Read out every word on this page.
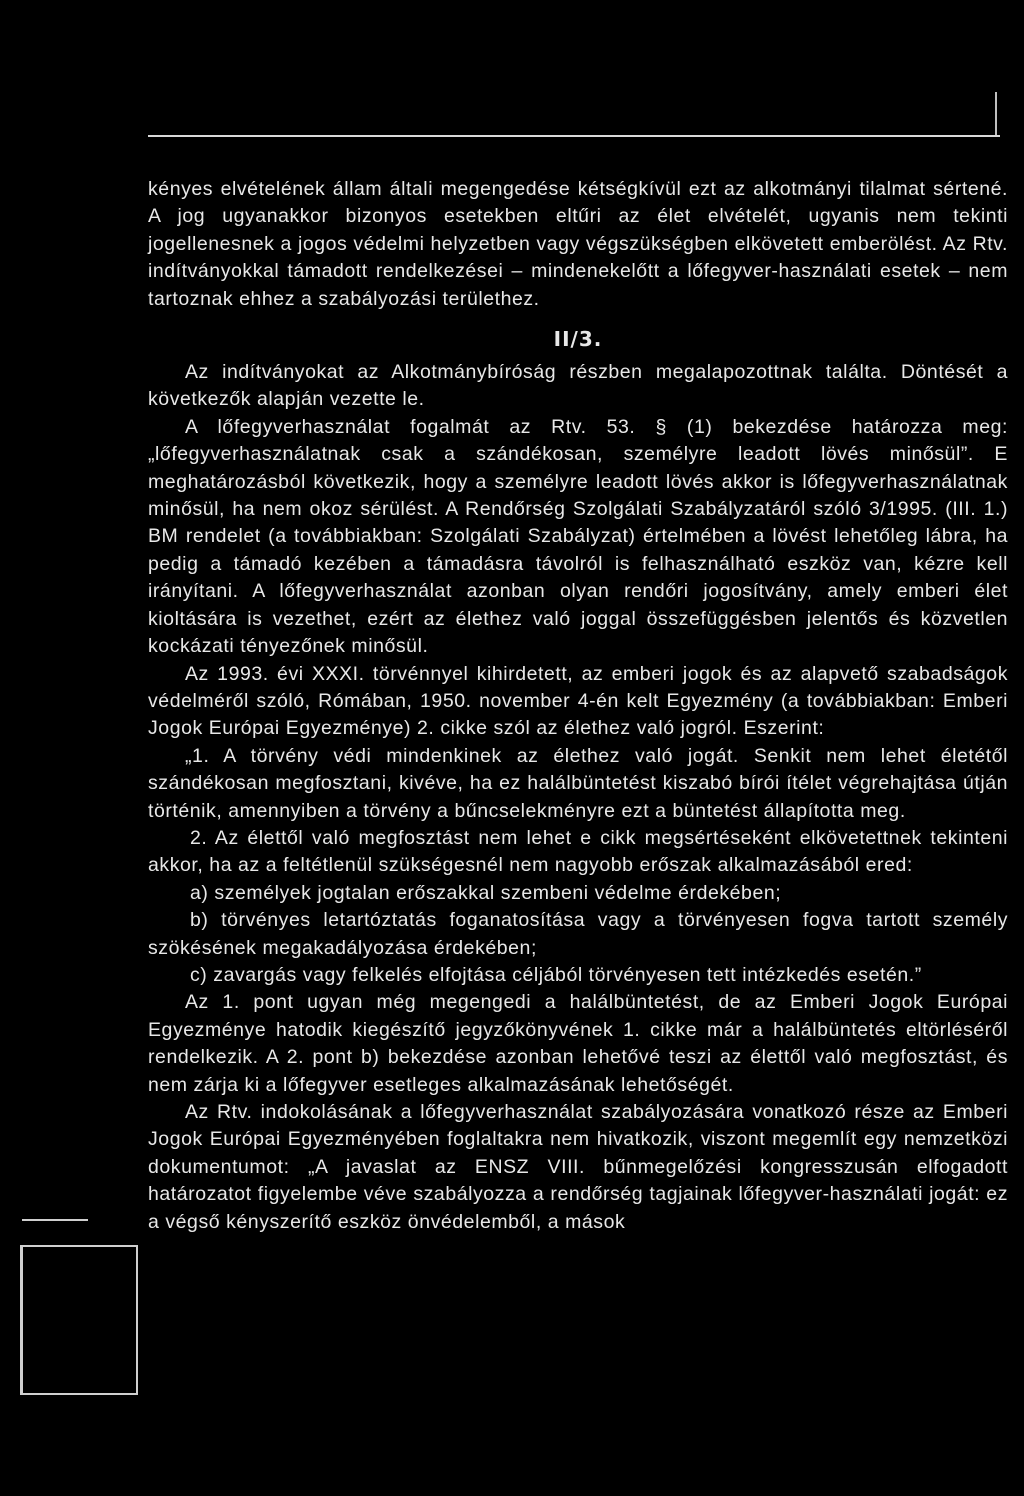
kényes elvételének állam általi megengedése kétségkívül ezt az alkotmányi tilalmat sértené. A jog ugyanakkor bizonyos esetekben eltűri az élet elvételét, ugyanis nem tekinti jogellenesnek a jogos védelmi helyzetben vagy végszükségben elkövetett emberölést. Az Rtv. indítványokkal támadott rendelkezései – mindenekelőtt a lőfegyver-használati esetek – nem tartoznak ehhez a szabályozási területhez.

II/3.

Az indítványokat az Alkotmánybíróság részben megalapozottnak találta. Döntését a következők alapján vezette le.

A lőfegyverhasználat fogalmát az Rtv. 53. § (1) bekezdése határozza meg: „lőfegyverhasználatnak csak a szándékosan, személyre leadott lövés minősül”. E meghatározásból következik, hogy a személyre leadott lövés akkor is lőfegyverhasználatnak minősül, ha nem okoz sérülést. A Rendőrség Szolgálati Szabályzatáról szóló 3/1995. (III. 1.) BM rendelet (a továbbiakban: Szolgálati Szabályzat) értelmében a lövést lehetőleg lábra, ha pedig a támadó kezében a támadásra távolról is felhasználható eszköz van, kézre kell irányítani. A lőfegyverhasználat azonban olyan rendőri jogosítvány, amely emberi élet kioltására is vezethet, ezért az élethez való joggal összefüggésben jelentős és közvetlen kockázati tényezőnek minősül.

Az 1993. évi XXXI. törvénnyel kihirdetett, az emberi jogok és az alapvető szabadságok védelméről szóló, Rómában, 1950. november 4-én kelt Egyezmény (a továbbiakban: Emberi Jogok Európai Egyezménye) 2. cikke szól az élethez való jogról. Eszerint:

„1. A törvény védi mindenkinek az élethez való jogát. Senkit nem lehet életétől szándékosan megfosztani, kivéve, ha ez halálbüntetést kiszabó bírói ítélet végrehajtása útján történik, amennyiben a törvény a bűncselekményre ezt a büntetést állapította meg.

2. Az élettől való megfosztást nem lehet e cikk megsértéseként elkövetettnek tekinteni akkor, ha az a feltétlenül szükségesnél nem nagyobb erőszak alkalmazásából ered:

a) személyek jogtalan erőszakkal szembeni védelme érdekében;

b) törvényes letartóztatás foganatosítása vagy a törvényesen fogva tartott személy szökésének megakadályozása érdekében;

c) zavargás vagy felkelés elfojtása céljából törvényesen tett intézkedés esetén.”

Az 1. pont ugyan még megengedi a halálbüntetést, de az Emberi Jogok Európai Egyezménye hatodik kiegészítő jegyzőkönyvének 1. cikke már a halálbüntetés eltörléséről rendelkezik. A 2. pont b) bekezdése azonban lehetővé teszi az élettől való megfosztást, és nem zárja ki a lőfegyver esetleges alkalmazásának lehetőségét.

Az Rtv. indokolásának a lőfegyverhasználat szabályozására vonatkozó része az Emberi Jogok Európai Egyezményében foglaltakra nem hivatkozik, viszont megemlít egy nemzetközi dokumentumot: „A javaslat az ENSZ VIII. bűnmegelőzési kongresszusán elfogadott határozatot figyelembe véve szabályozza a rendőrség tagjainak lőfegyver-használati jogát: ez a végső kényszerítő eszköz önvédelemből, a mások
